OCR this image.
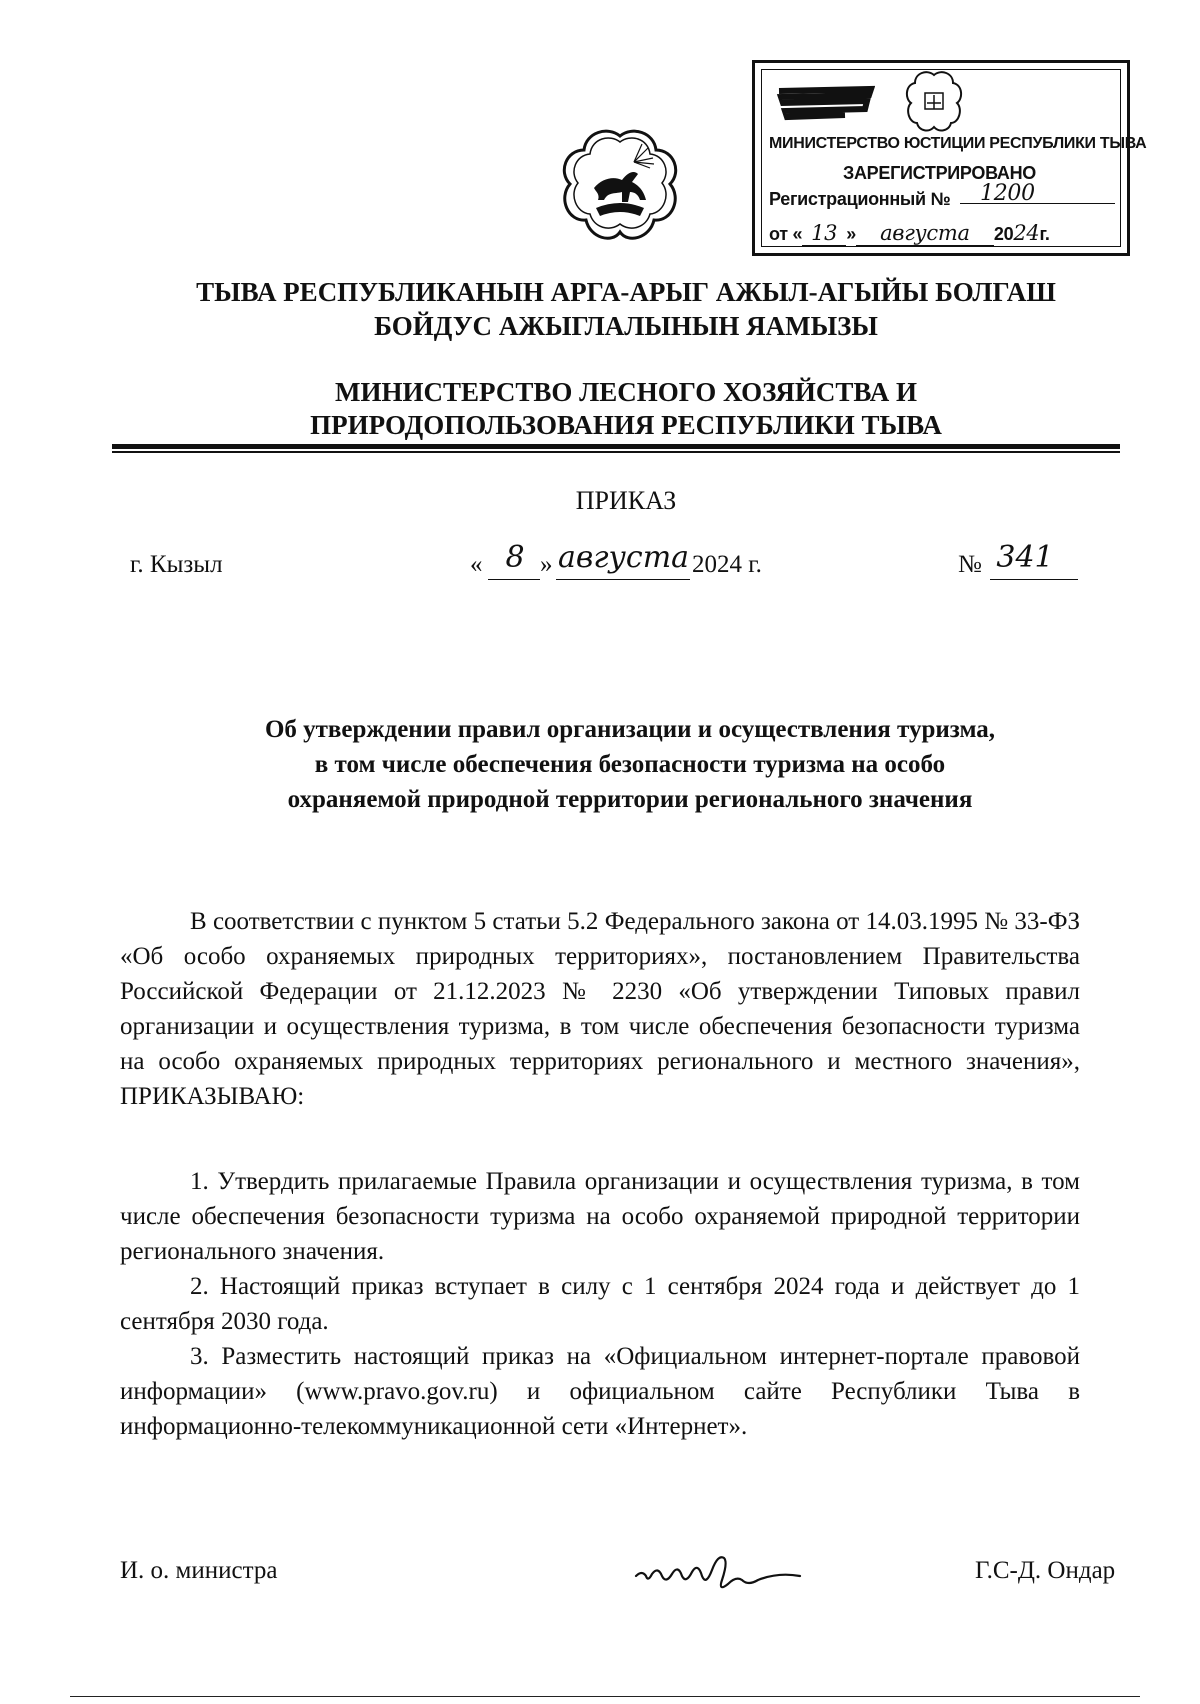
МИНИСТЕРСТВО ЮСТИЦИИ РЕСПУБЛИКИ ТЫВА
ЗАРЕГИСТРИРОВАНО
Регистрационный № 1200
от « 13 » августа 2024г.
ТЫВА РЕСПУБЛИКАНЫН АРГА-АРЫГ АЖЫЛ-АГЫЙЫ БОЛГАШ
БОЙДУС АЖЫГЛАЛЫНЫН ЯАМЫЗЫ
МИНИСТЕРСТВО ЛЕСНОГО ХОЗЯЙСТВА И
ПРИРОДОПОЛЬЗОВАНИЯ РЕСПУБЛИКИ ТЫВА
ПРИКАЗ
г. Кызыл	« 8 » августа 2024 г.	№ 341
Об утверждении правил организации и осуществления туризма,
в том числе обеспечения безопасности туризма на особо
охраняемой природной территории регионального значения
В соответствии с пунктом 5 статьи 5.2 Федерального закона от 14.03.1995 № 33-ФЗ «Об особо охраняемых природных территориях», постановлением Правительства Российской Федерации от 21.12.2023 № 2230 «Об утверждении Типовых правил организации и осуществления туризма, в том числе обеспечения безопасности туризма на особо охраняемых природных территориях регионального и местного значения», ПРИКАЗЫВАЮ:
1. Утвердить прилагаемые Правила организации и осуществления туризма, в том числе обеспечения безопасности туризма на особо охраняемой природной территории регионального значения.
2. Настоящий приказ вступает в силу с 1 сентября 2024 года и действует до 1 сентября 2030 года.
3. Разместить настоящий приказ на «Официальном интернет-портале правовой информации» (www.pravo.gov.ru) и официальном сайте Республики Тыва в информационно-телекоммуникационной сети «Интернет».
И. о. министра	Г.С-Д. Ондар
